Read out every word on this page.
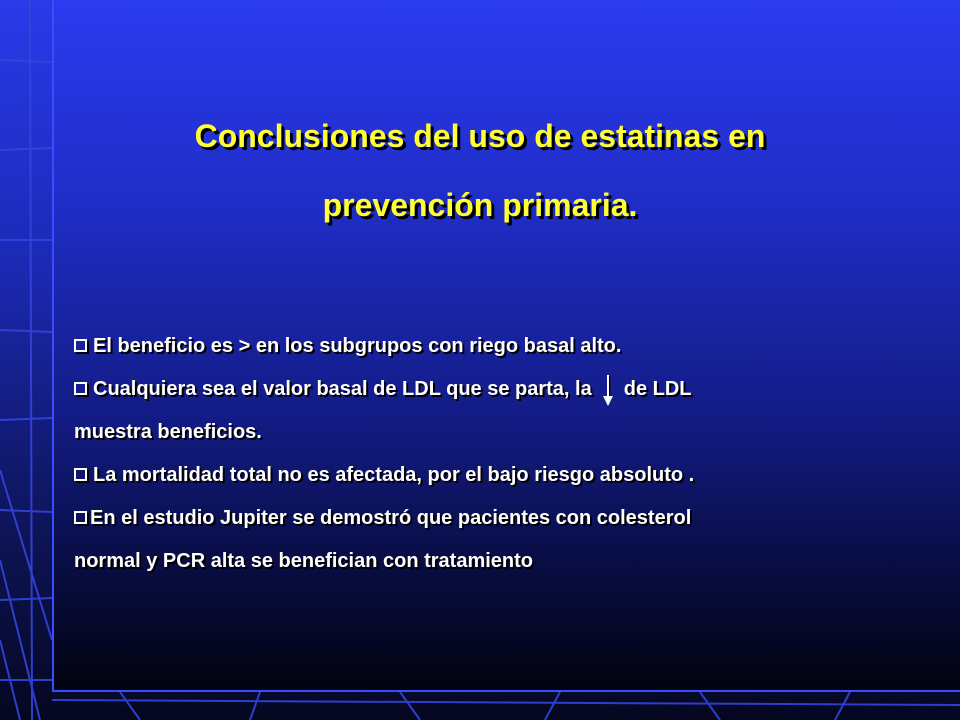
Conclusiones del uso de estatinas en
prevención primaria.
El beneficio es > en los subgrupos con riego basal alto.
Cualquiera sea el valor basal de LDL que se parta, la de LDL
muestra beneficios.
La mortalidad total no es afectada, por el bajo riesgo absoluto .
En el estudio Jupiter se demostró que pacientes con colesterol
normal y PCR alta se benefician con tratamiento
